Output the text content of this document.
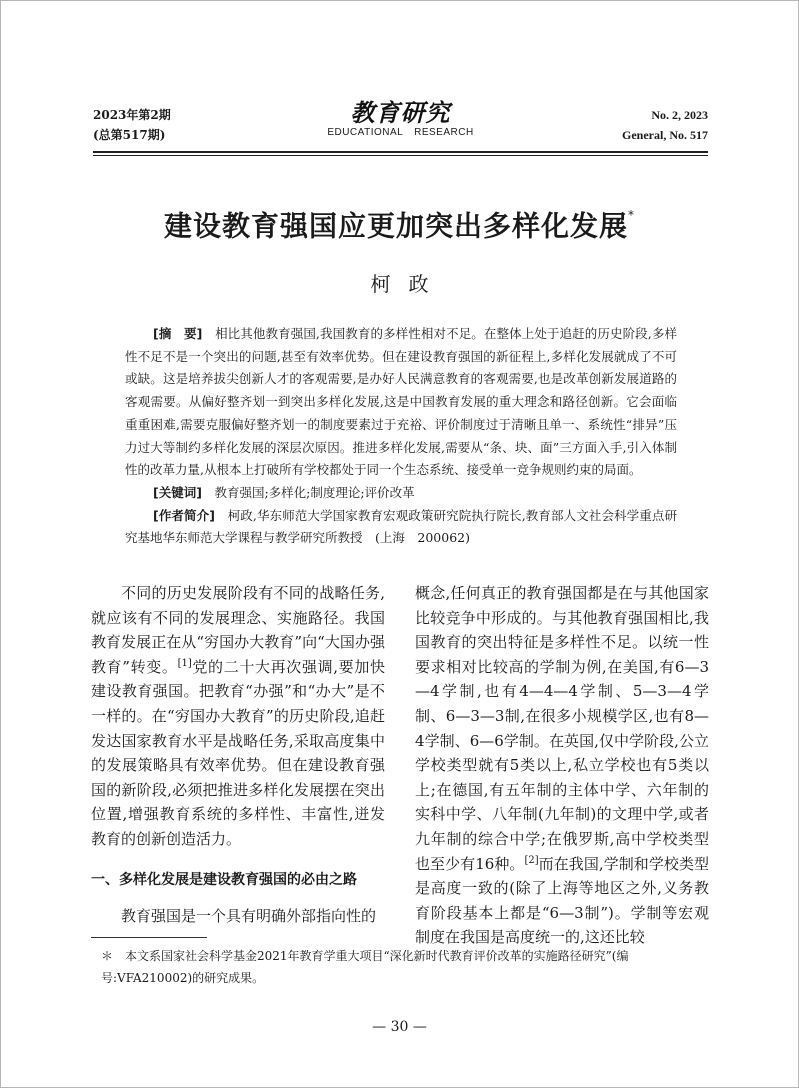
2023年第2期
(总第517期)
教育研究
EDUCATIONAL RESEARCH
No. 2, 2023
General, No. 517
建设教育强国应更加突出多样化发展*
柯政

[摘　要]　 相比其他教育强国,我国教育的多样性相对不足。在整体上处于追赶的历史阶段,多样性不足不是一个突出的问题,甚至有效率优势。但在建设教育强国的新征程上,多样化发展就成了不可或缺。这是培养拔尖创新人才的客观需要,是办好人民满意教育的客观需要,也是改革创新发展道路的客观需要。从偏好整齐划一到突出多样化发展,这是中国教育发展的重大理念和路径创新。它会面临重重困难,需要克服偏好整齐划一的制度要素过于充裕、评价制度过于清晰且单一、系统性“排异”压力过大等制约多样化发展的深层次原因。推进多样化发展,需要从“条、块、面”三方面入手,引入体制性的改革力量,从根本上打破所有学校都处于同一个生态系统、接受单一竞争规则约束的局面。

[关键词]　 教育强国;多样化;制度理论;评价改革

[作者简介]　 柯政,华东师范大学国家教育宏观政策研究院执行院长,教育部人文社会科学重点研究基地华东师范大学课程与教学研究所教授　(上海　200062)

不同的历史发展阶段有不同的战略任务,就应该有不同的发展理念、实施路径。我国教育发展正在从“穷国办大教育”向“大国办强教育”转变。[1]党的二十大再次强调,要加快建设教育强国。把教育“办强”和“办大”是不一样的。在“穷国办大教育”的历史阶段,追赶发达国家教育水平是战略任务,采取高度集中的发展策略具有效率优势。但在建设教育强国的新阶段,必须把推进多样化发展摆在突出位置,增强教育系统的多样性、丰富性,迸发教育的创新创造活力。

一、多样化发展是建设教育强国的必由之路

教育强国是一个具有明确外部指向性的

概念,任何真正的教育强国都是在与其他国家比较竞争中形成的。与其他教育强国相比,我国教育的突出特征是多样性不足。以统一性要求相对比较高的学制为例,在美国,有6—3—4学制,也有4—4—4学制、5—3—4学制、6—3—3制,在很多小规模学区,也有8—4学制、6—6学制。在英国,仅中学阶段,公立学校类型就有5类以上,私立学校也有5类以上;在德国,有五年制的主体中学、六年制的实科中学、八年制(九年制)的文理中学,或者九年制的综合中学;在俄罗斯,高中学校类型也至少有16种。[2]而在我国,学制和学校类型是高度一致的(除了上海等地区之外,义务教育阶段基本上都是“6—3制”)。学制等宏观制度在我国是高度统一的,这还比较

＊　本文系国家社会科学基金2021年教育学重大项目“深化新时代教育评价改革的实施路径研究”(编号:VFA210002)的研究成果。

— 30 —
